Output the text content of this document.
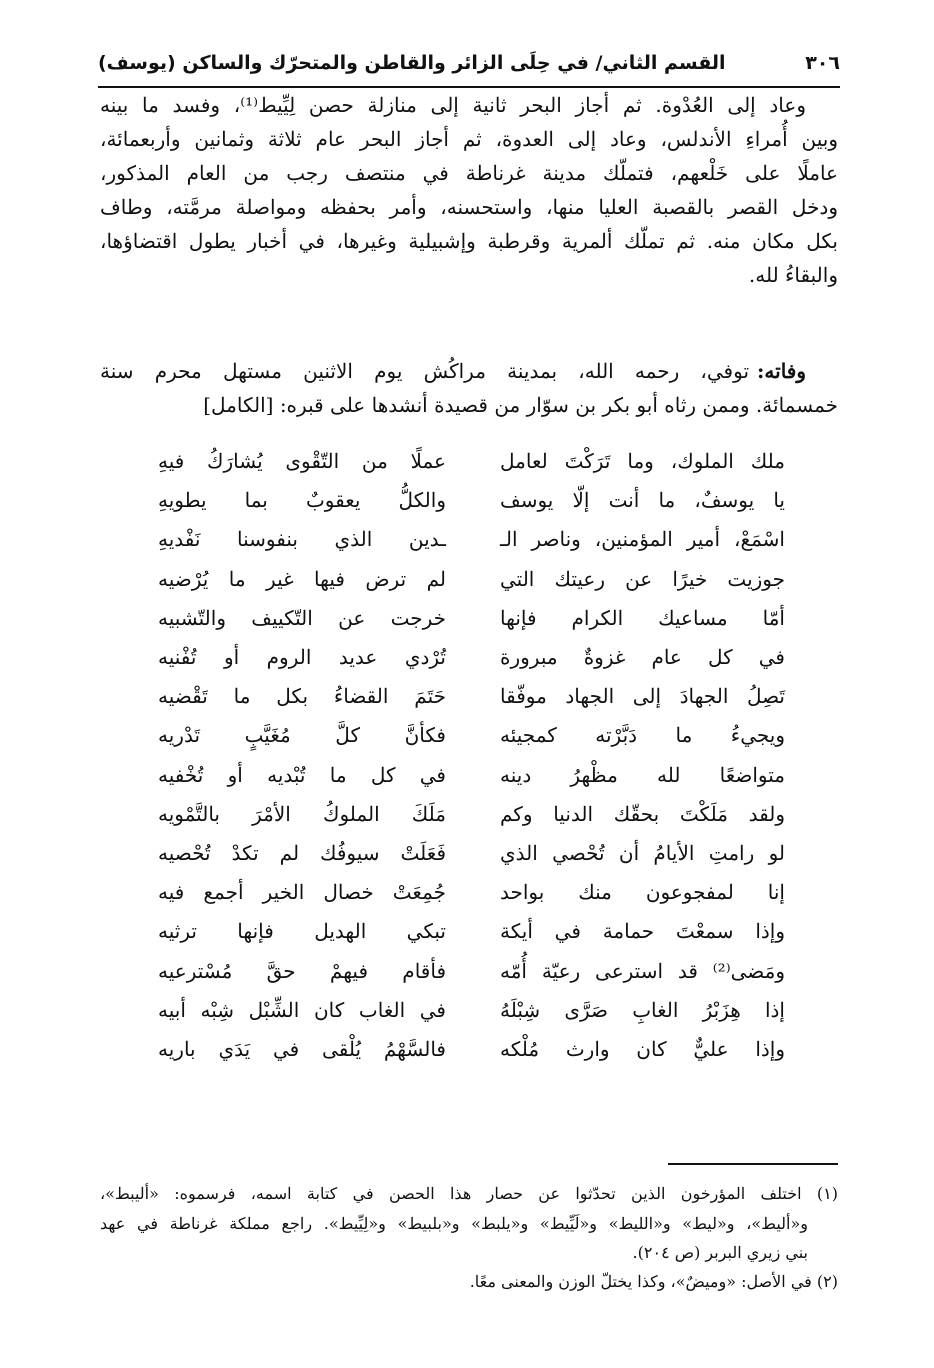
٣٠٦
القسم الثاني/ في حِلَى الزائر والقاطن والمتحرّك والساكن (يوسف)
وعاد إلى العُدْوة. ثم أجاز البحر ثانية إلى منازلة حصن لِيِّيط⁽¹⁾، وفسد ما بينه
وبين أُمراءِ الأندلس، وعاد إلى العدوة، ثم أجاز البحر عام ثلاثة وثمانين وأربعمائة،
عاملًا على خَلْعهم، فتملّك مدينة غرناطة في منتصف رجب من العام المذكور،
ودخل القصر بالقصبة العليا منها، واستحسنه، وأمر بحفظه ومواصلة مرمَّته، وطاف
بكل مكان منه. ثم تملّك ألمرية وقرطبة وإشبيلية وغيرها، في أخبار يطول اقتضاؤها،
والبقاءُ لله.
وفاته:
توفي، رحمه الله، بمدينة مراكُش يوم الاثنين مستهل محرم سنة
خمسمائة. وممن رثاه أبو بكر بن سوّار من قصيدة أنشدها على قبره: [الكامل]
ملك الملوك، وما تَرَكْتَ لعامل
عملًا من التّقْوى يُشارَكُ فيهِ
يا يوسفٌ، ما أنت إلّا يوسف
والكلُّ يعقوبٌ بما يطويهِ
اسْمَعْ، أمير المؤمنين، وناصر الـ
ـدين الذي بنفوسنا نَفْديهِ
جوزيت خيرًا عن رعيتك التي
لم ترض فيها غير ما يُرْضيه
أمّا مساعيك الكرام فإنها
خرجت عن التّكييف والتّشبيه
في كل عام غزوةٌ مبرورة
تُرْدي عديد الروم أو تُفْنيه
تَصِلُ الجهادَ إلى الجهاد موفّقا
حَتَمَ القضاءُ بكل ما تَقْضيه
ويجيءُ ما دَبَّرْته كمجيئه
فكأنَّ كلَّ مُغَيَّبٍ تَدْريه
متواضعًا لله مظْهرُ دينه
في كل ما تُبْديه أو تُخْفيه
ولقد مَلَكْتَ بحقّك الدنيا وكم
مَلَكَ الملوكُ الأمْرَ بالتَّمْويه
لو رامتِ الأيامُ أن تُحْصي الذي
فَعَلَتْ سيوفُك لم تكدْ تُحْصيه
إنا لمفجوعون منك بواحد
جُمِعَتْ خصال الخير أجمع فيه
وإذا سمعْتَ حمامة في أيكة
تبكي الهديل فإنها ترثيه
ومَضى⁽²⁾ قد استرعى رعيّة أُمّه
فأقام فيهمْ حقَّ مُسْترعيه
إذا هِزَبْرُ الغابِ صَرَّى شِبْلَهُ
في الغاب كان الشِّبْل شِبْه أبيه
وإذا عليٌّ كان وارث مُلْكه
فالسَّهْمُ يُلْقى في يَدَي باريه
(١) اختلف المؤرخون الذين تحدّثوا عن حصار هذا الحصن في كتابة اسمه، فرسموه: «أليبط»،
و«أليط»، و«ليط» و«الليط» و«لَيِّيط» و«يلبط» و«بلبيط» و«لِيِّيط». راجع مملكة غرناطة في عهد
بني زيري البربر (ص ٢٠٤).
(٢) في الأصل: «وميضٌ»، وكذا يختلّ الوزن والمعنى معًا.
